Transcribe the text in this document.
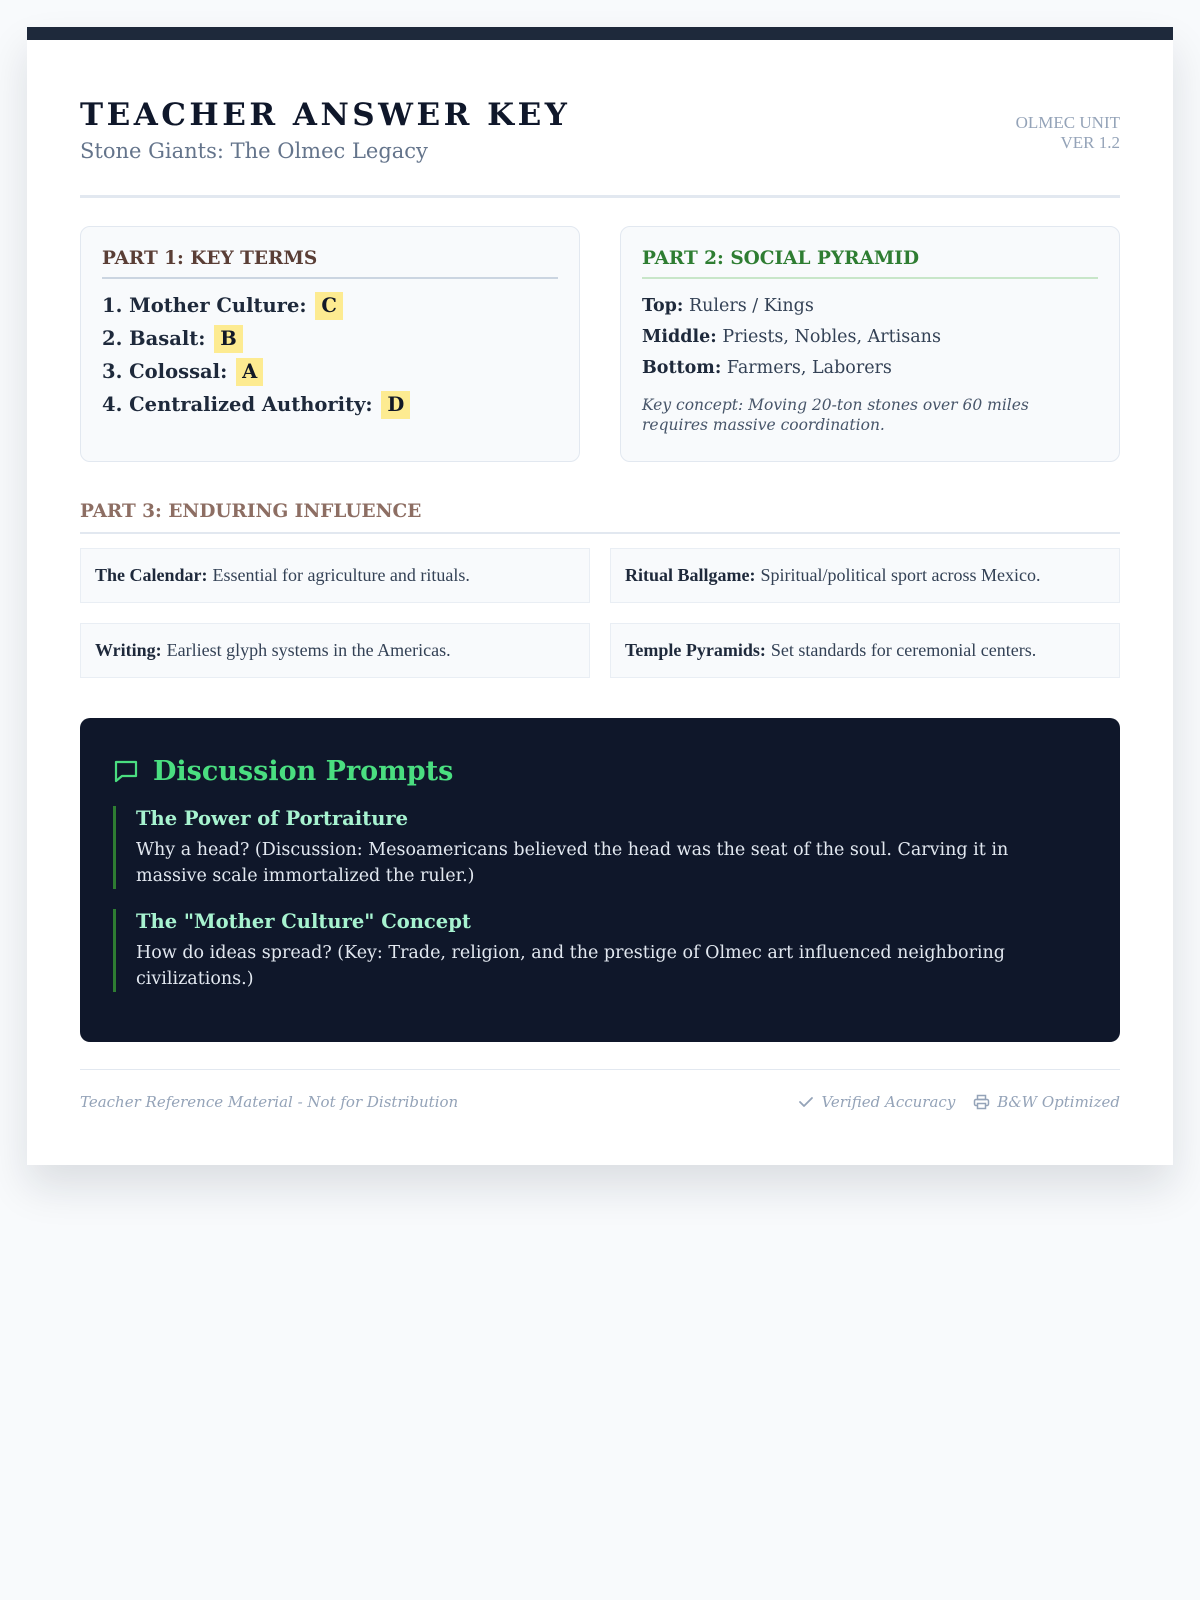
TEACHER ANSWER KEY
Stone Giants: The Olmec Legacy
OLMEC UNIT
VER 1.2
PART 1: KEY TERMS
1. Mother Culture: C
2. Basalt: B
3. Colossal: A
4. Centralized Authority: D
PART 2: SOCIAL PYRAMID
Top: Rulers / Kings
Middle: Priests, Nobles, Artisans
Bottom: Farmers, Laborers
Key concept: Moving 20-ton stones over 60 miles requires massive coordination.
PART 3: ENDURING INFLUENCE
The Calendar: Essential for agriculture and rituals.	Ritual Ballgame: Spiritual/political sport across Mexico.
Writing: Earliest glyph systems in the Americas.	Temple Pyramids: Set standards for ceremonial centers.
Discussion Prompts
The Power of Portraiture
Why a head? (Discussion: Mesoamericans believed the head was the seat of the soul. Carving it in massive scale immortalized the ruler.)
The "Mother Culture" Concept
How do ideas spread? (Key: Trade, religion, and the prestige of Olmec art influenced neighboring civilizations.)
Teacher Reference Material - Not for Distribution	Verified Accuracy	B&W Optimized
